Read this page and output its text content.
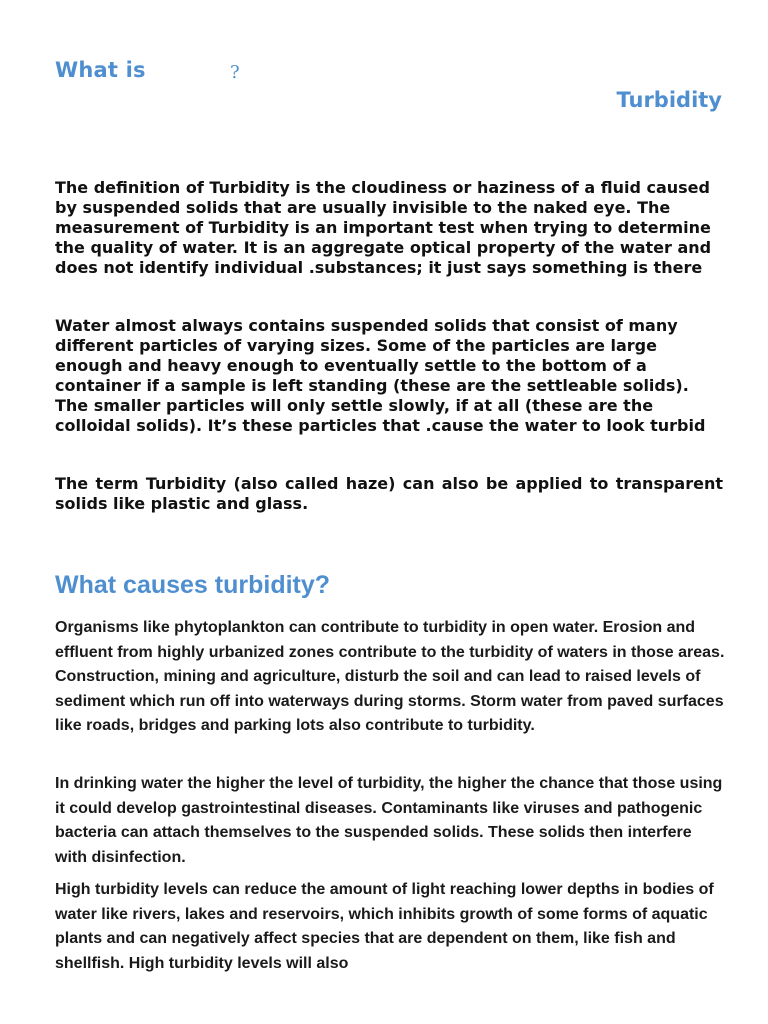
What is	?
Turbidity

The definition of Turbidity is the cloudiness or haziness of a fluid caused by suspended solids that are usually invisible to the naked eye. The measurement of Turbidity is an important test when trying to determine the quality of water. It is an aggregate optical property of the water and does not identify individual .substances; it just says something is there

Water almost always contains suspended solids that consist of many different particles of varying sizes. Some of the particles are large enough and heavy enough to eventually settle to the bottom of a container if a sample is left standing (these are the settleable solids). The smaller particles will only settle slowly, if at all (these are the colloidal solids). It’s these particles that .cause the water to look turbid

The term Turbidity (also called haze) can also be applied to transparent solids like plastic and glass.

What causes turbidity?

Organisms like phytoplankton can contribute to turbidity in open water. Erosion and effluent from highly urbanized zones contribute to the turbidity of waters in those areas. Construction, mining and agriculture, disturb the soil and can lead to raised levels of sediment which run off into waterways during storms. Storm water from paved surfaces like roads, bridges and parking lots also contribute to turbidity.

In drinking water the higher the level of turbidity, the higher the chance that those using it could develop gastrointestinal diseases. Contaminants like viruses and pathogenic bacteria can attach themselves to the suspended solids. These solids then interfere with disinfection.

High turbidity levels can reduce the amount of light reaching lower depths in bodies of water like rivers, lakes and reservoirs, which inhibits growth of some forms of aquatic plants and can negatively affect species that are dependent on them, like fish and shellfish. High turbidity levels will also
